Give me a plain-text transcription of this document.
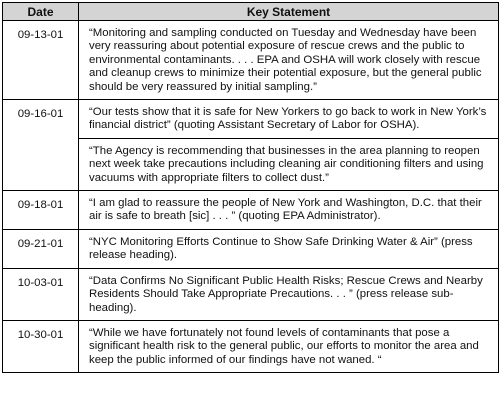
Date	Key Statement
09-13-01	“Monitoring and sampling conducted on Tuesday and Wednesday have been very reassuring about potential exposure of rescue crews and the public to environmental contaminants. . . . EPA and OSHA will work closely with rescue and cleanup crews to minimize their potential exposure, but the general public should be very reassured by initial sampling.”
09-16-01	“Our tests show that it is safe for New Yorkers to go back to work in New York’s financial district” (quoting Assistant Secretary of Labor for OSHA).
	“The Agency is recommending that businesses in the area planning to reopen next week take precautions including cleaning air conditioning filters and using vacuums with appropriate filters to collect dust.”
09-18-01	“I am glad to reassure the people of New York and Washington, D.C. that their air is safe to breath [sic] . . . ” (quoting EPA Administrator).
09-21-01	“NYC Monitoring Efforts Continue to Show Safe Drinking Water & Air” (press release heading).
10-03-01	“Data Confirms No Significant Public Health Risks; Rescue Crews and Nearby Residents Should Take Appropriate Precautions. . . ” (press release sub-heading).
10-30-01	“While we have fortunately not found levels of contaminants that pose a significant health risk to the general public, our efforts to monitor the area and keep the public informed of our findings have not waned. “
